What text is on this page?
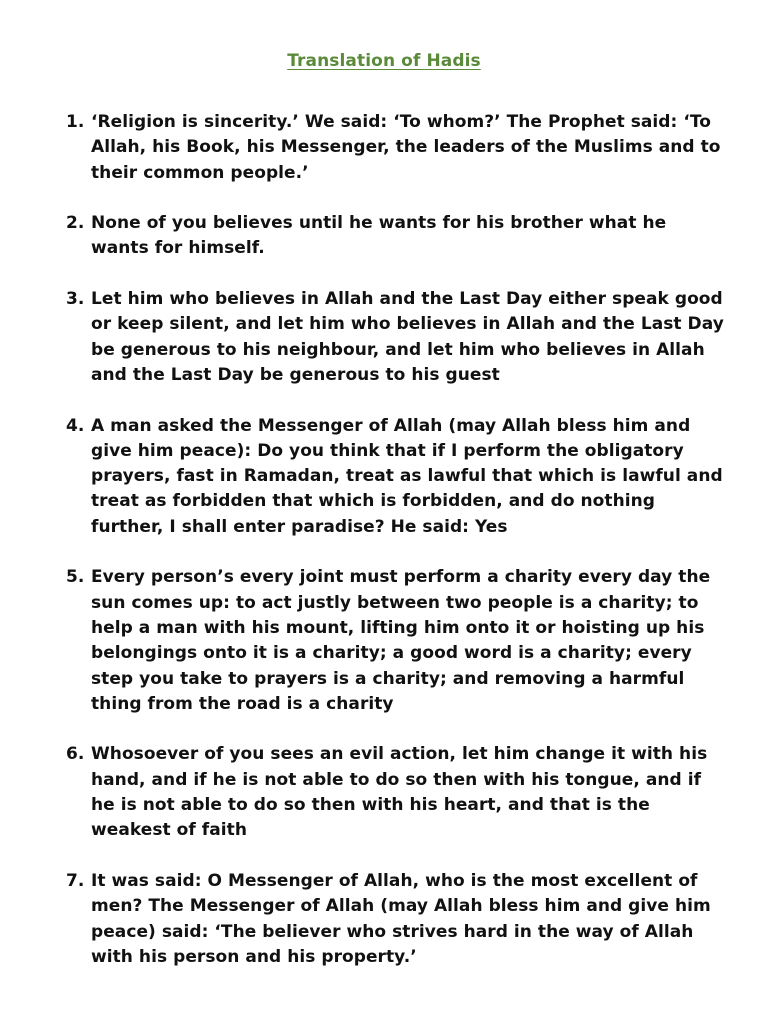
Translation of Hadis
1. ‘Religion is sincerity.’ We said: ‘To whom?’ The Prophet said: ‘To Allah, his Book, his Messenger, the leaders of the Muslims and to their common people.’
2. None of you believes until he wants for his brother what he wants for himself.
3. Let him who believes in Allah and the Last Day either speak good or keep silent, and let him who believes in Allah and the Last Day be generous to his neighbour, and let him who believes in Allah and the Last Day be generous to his guest
4. A man asked the Messenger of Allah (may Allah bless him and give him peace): Do you think that if I perform the obligatory prayers, fast in Ramadan, treat as lawful that which is lawful and treat as forbidden that which is forbidden, and do nothing further, I shall enter paradise? He said: Yes
5. Every person’s every joint must perform a charity every day the sun comes up: to act justly between two people is a charity; to help a man with his mount, lifting him onto it or hoisting up his belongings onto it is a charity; a good word is a charity; every step you take to prayers is a charity; and removing a harmful thing from the road is a charity
6. Whosoever of you sees an evil action, let him change it with his hand, and if he is not able to do so then with his tongue, and if he is not able to do so then with his heart, and that is the weakest of faith
7. It was said: O Messenger of Allah, who is the most excellent of men? The Messenger of Allah (may Allah bless him and give him peace) said: ‘The believer who strives hard in the way of Allah with his person and his property.’
